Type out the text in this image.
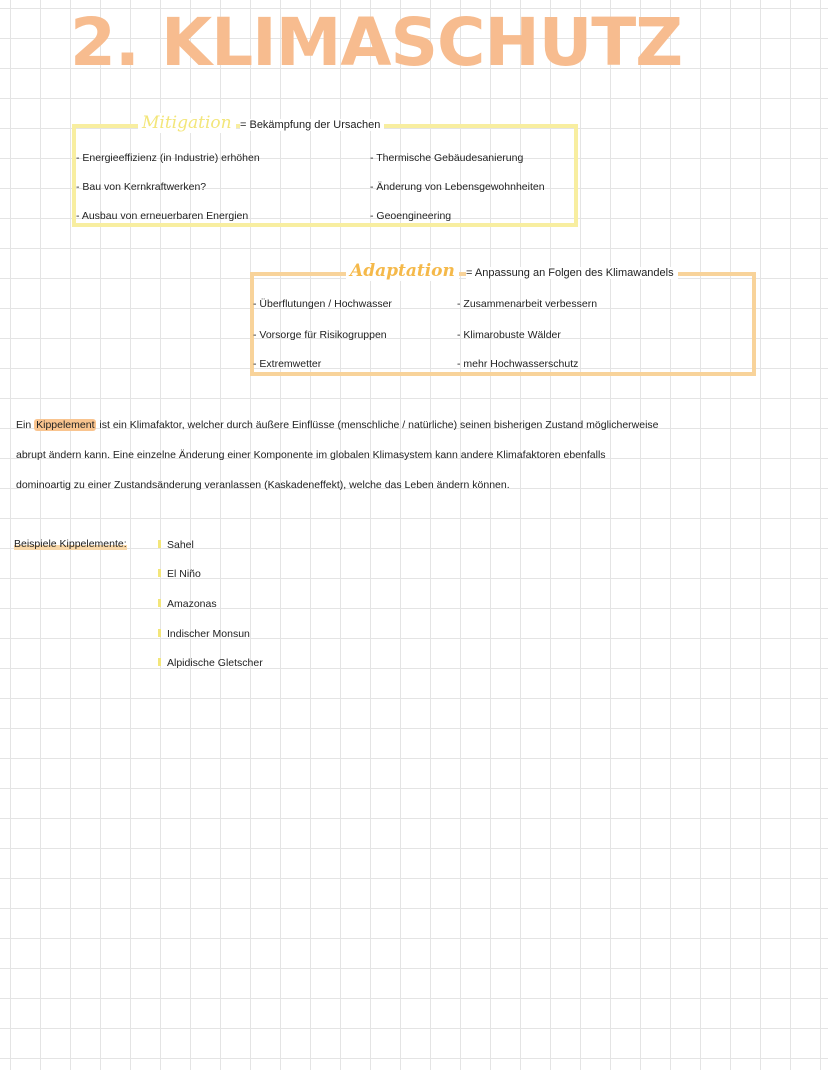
2. KLIMASCHUTZ
= Bekämpfung der Ursachen
Mitigation
- Energieeffizienz (in Industrie) erhöhen
- Bau von Kernkraftwerken?
- Ausbau von erneuerbaren Energien
- Thermische Gebäudesanierung
- Änderung von Lebensgewohnheiten
- Geoengineering
= Anpassung an Folgen des Klimawandels
Adaptation
- Überflutungen / Hochwasser
- Vorsorge für Risikogruppen
- Extremwetter
- Zusammenarbeit verbessern
- Klimarobuste Wälder
- mehr Hochwasserschutz
Ein Kippelement ist ein Klimafaktor, welcher durch äußere Einflüsse (menschliche / natürliche) seinen bisherigen Zustand möglicherweise
abrupt ändern kann. Eine einzelne Änderung einer Komponente im globalen Klimasystem kann andere Klimafaktoren ebenfalls
dominoartig zu einer Zustandsänderung veranlassen (Kaskadeneffekt), welche das Leben ändern können.
Beispiele Kippelemente:	Sahel
El Niño
Amazonas
Indischer Monsun
Alpidische Gletscher
